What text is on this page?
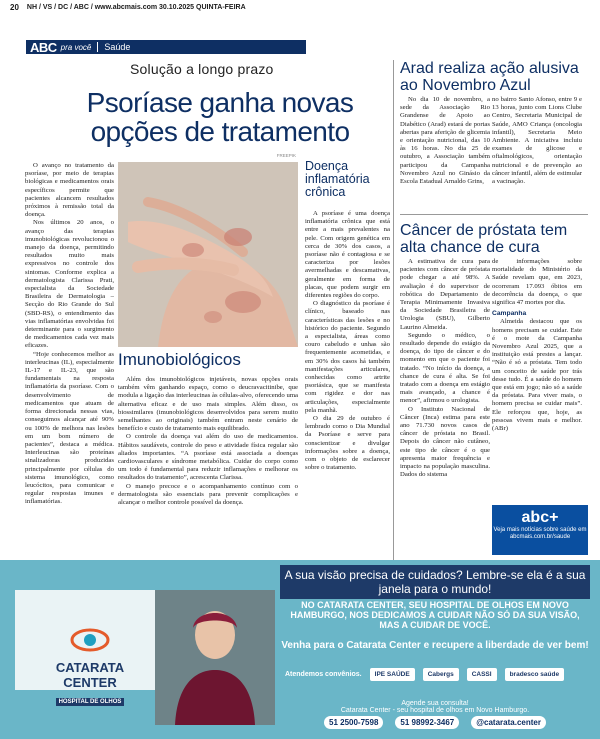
20 NH / VS / DC / ABC / www.abcmais.com 30.10.2025 QUINTA-FEIRA
ABC pra você Saúde
Solução a longo prazo
Psoríase ganha novas opções de tratamento

O avanço no tratamento da psoríase, por meio de terapias biológicas e medicamentos orais específicos permite que pacientes alcancem resultados próximos à remissão total da doença.

Nos últimos 20 anos, o avanço das terapias imunobiológicas revolucionou o manejo da doença, permitindo resultados muito mais expressivos no controle dos sintomas. Conforme explica a dermatologista Clarissa Prati, especialista da Sociedade Brasileira de Dermatologia – Secção do Rio Grande do Sul (SBD-RS), o entendimento das vias inflamatórias envolvidas foi determinante para o surgimento de medicamentos cada vez mais eficazes.

“Hoje conhecemos melhor as interleucinas (IL), especialmente IL-17 e IL-23, que são fundamentais na resposta inflamatória da psoríase. Com o desenvolvimento de medicamentos que atuam de forma direcionada nessas vias, conseguimos alcançar até 90% ou 100% de melhora nas lesões em um bom número de pacientes”, destaca a médica. Interleucinas são proteínas sinalizadoras produzidas principalmente por células do sistema imunológico, como leucócitos, para comunicar e regular respostas imunes e inflamatórias.

FREEPIK
Imunobiológicos

Além dos imunobiológicos injetáveis, novas opções orais também vêm ganhando espaço, como o deucravacitinibe, que modula a ligação das interleucinas às células-alvo, oferecendo uma alternativa eficaz e de uso mais simples. Além disso, os biossimilares (imunobiológicos desenvolvidos para serem muito semelhantes ao originais) também entram neste cenário de benefício e custo de tratamento mais equilibrado.

O controle da doença vai além do uso de medicamentos. Hábitos saudáveis, controle do peso e atividade física regular são aliados importantes. “A psoríase está associada a doenças cardiovasculares e síndrome metabólica. Cuidar do corpo como um todo é fundamental para reduzir inflamações e melhorar os resultados do tratamento”, acrescenta Clarissa.

O manejo precoce e o acompanhamento contínuo com o dermatologista são essenciais para prevenir complicações e alcançar o melhor controle possível da doença.

Doença inflamatória crônica

A psoríase é uma doença inflamatória crônica que está entre a mais prevalentes na pele. Com origem genética em cerca de 30% dos casos, a psoríase não é contagiosa e se caracteriza por lesões avermelhadas e descamativas, geralmente em forma de placas, que podem surgir em diferentes regiões do corpo.

O diagnóstico da psoríase é clínico, baseado nas características das lesões e no histórico do paciente. Segundo a especialista, áreas como couro cabeludo e unhas são frequentemente acometidas, e em 30% dos casos há também manifestações articulares, conhecidas como artrite psoriásica, que se manifesta com rigidez e dor nas articulações, especialmente pela manhã.

O dia 29 de outubro é lembrado como o Dia Mundial da Psoríase e serve para conscientizar e divulgar informações sobre a doença, com o objeto de esclarecer sobre o tratamento.

Arad realiza ação alusiva ao Novembro Azul

No dia 10 de novembro, a sede da Associação Rio Grandense de Apoio ao Diabético (Arad) estará de portas abertas para aferição de glicemia e orientação nutricional, das 10 às 16 horas. No dia 25 de outubro, a Associação também participou da Campanha Novembro Azul no Ginásio da Escola Estadual Arnaldo Grins,

no bairro Santo Afonso, entre 9 e 13 horas, junto com Lions Clube Centro, Secretaria Municipal de Saúde, AMO Criança (oncologia infantil), Secretaria Meio Ambiente. A iniciativa incluiu exames de glicose e oftalmológicos, orientação nutricional e de prevenção ao câncer infantil, além de estimular a vacinação.

Câncer de próstata tem alta chance de cura

A estimativa de cura para pacientes com câncer de próstata pode chegar a até 98%. A avaliação é do supervisor de robótica do Departamento de Terapia Minimamente Invasiva da Sociedade Brasileira de Urologia (SBU), Gilberto Laurino Almeida.

Segundo o médico, o resultado depende do estágio da doença, do tipo de câncer e do momento em que o paciente foi tratado. “No início da doença, a chance de cura é alta. Se foi tratado com a doença em estágio mais avançado, a chance é menor”, afirmou o urologista.

O Instituto Nacional de Câncer (Inca) estima para este ano 71.730 novos casos de câncer de próstata no Brasil. Depois do câncer não cutâneo, este tipo de câncer é o que apresenta maior frequência e impacto na população masculina. Dados do sistema

de informações sobre mortalidade do Ministério da Saúde revelam que, em 2023, ocorreram 17.093 óbitos em decorrência da doença, o que significa 47 mortes por dia.

Campanha

Almeida destacou que os homens precisam se cuidar. Este é o mote da Campanha Novembro Azul 2025, que a instituição está prestes a lançar. “Não é só a próstata. Tem todo um conceito de saúde por trás desse tudo. É a saúde do homem que está em jogo; não só a saúde da próstata. Para viver mais, o homem precisa se cuidar mais”. Ele reforçou que, hoje, as pessoas vivem mais e melhor. (ABr)

abc+
Veja mais notícias sobre saúde em abcmais.com.br/saude
CATARATA
CENTER
HOSPITAL DE OLHOS
A sua visão precisa de cuidados? Lembre-se ela é a sua janela para o mundo!
NO CATARATA CENTER, SEU HOSPITAL DE OLHOS EM NOVO HAMBURGO, NOS DEDICAMOS A CUIDAR NÃO SÓ DA SUA VISÃO, MAS A CUIDAR DE VOCÊ.
Venha para o Catarata Center e recupere a liberdade de ver bem!
Atendemos convênios.	IPE SAÚDE	Cabergs	CASSI	bradesco saúde
Agende sua consulta!
Catarata Center - seu hospital de olhos em Novo Hamburgo.
51 2500-7598	51 98992-3467	@catarata.center
